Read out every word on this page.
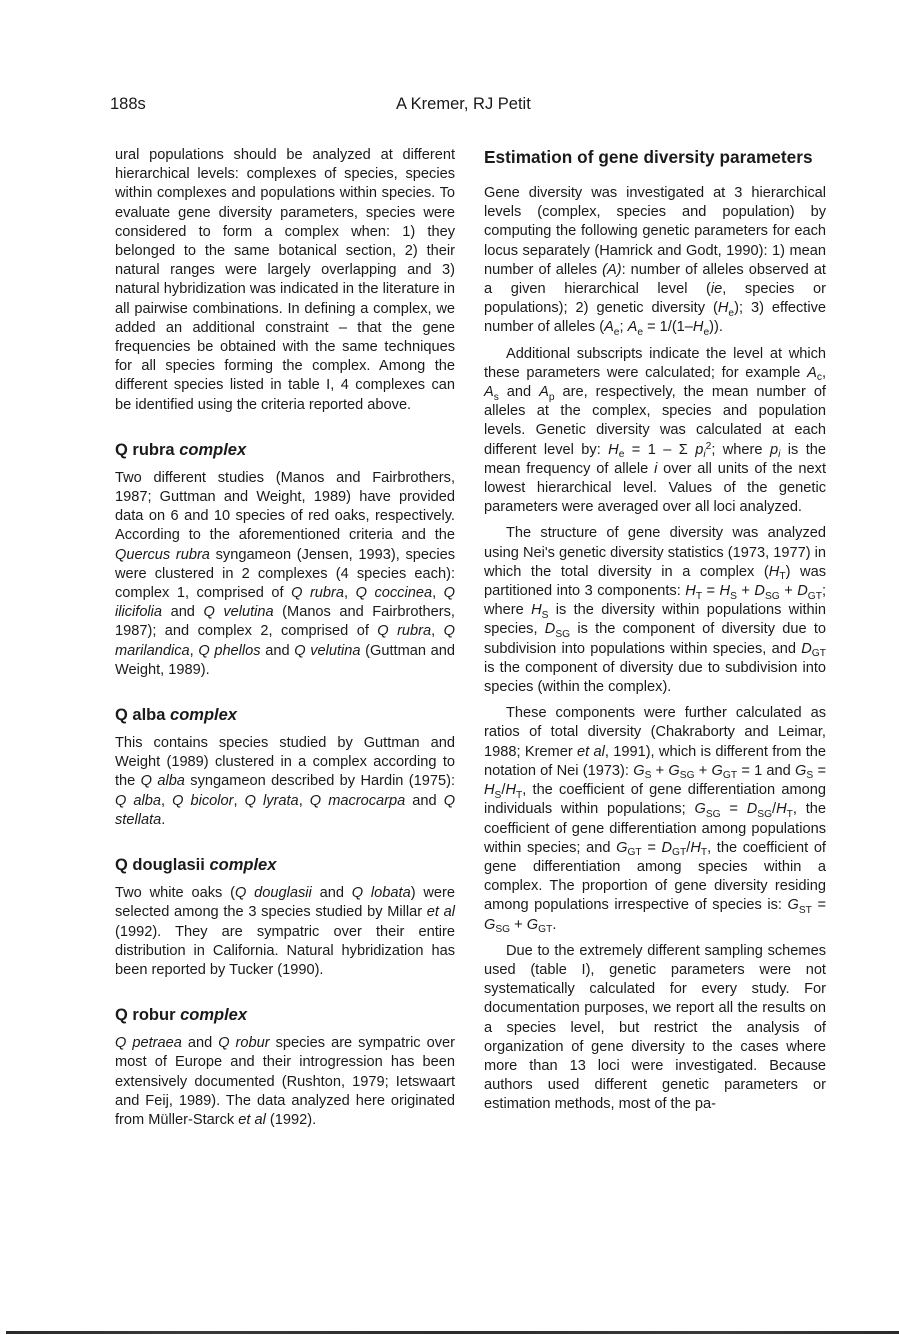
188s	A Kremer, RJ Petit

ural populations should be analyzed at different hierarchical levels: complexes of species, species within complexes and populations within species. To evaluate gene diversity parameters, species were considered to form a complex when: 1) they belonged to the same botanical section, 2) their natural ranges were largely overlapping and 3) natural hybridization was indicated in the literature in all pairwise combinations. In defining a complex, we added an additional constraint – that the gene frequencies be obtained with the same techniques for all species forming the complex. Among the different species listed in table I, 4 complexes can be identified using the criteria reported above.

Q rubra complex

Two different studies (Manos and Fairbrothers, 1987; Guttman and Weight, 1989) have provided data on 6 and 10 species of red oaks, respectively. According to the aforementioned criteria and the Quercus rubra syngameon (Jensen, 1993), species were clustered in 2 complexes (4 species each): complex 1, comprised of Q rubra, Q coccinea, Q ilicifolia and Q velutina (Manos and Fairbrothers, 1987); and complex 2, comprised of Q rubra, Q marilandica, Q phellos and Q velutina (Guttman and Weight, 1989).

Q alba complex

This contains species studied by Guttman and Weight (1989) clustered in a complex according to the Q alba syngameon described by Hardin (1975): Q alba, Q bicolor, Q lyrata, Q macrocarpa and Q stellata.

Q douglasii complex

Two white oaks (Q douglasii and Q lobata) were selected among the 3 species studied by Millar et al (1992). They are sympatric over their entire distribution in California. Natural hybridization has been reported by Tucker (1990).

Q robur complex

Q petraea and Q robur species are sympatric over most of Europe and their introgression has been extensively documented (Rushton, 1979; Ietswaart and Feij, 1989). The data analyzed here originated from Müller-Starck et al (1992).

Estimation of gene diversity parameters

Gene diversity was investigated at 3 hierarchical levels (complex, species and population) by computing the following genetic parameters for each locus separately (Hamrick and Godt, 1990): 1) mean number of alleles (A): number of alleles observed at a given hierarchical level (ie, species or populations); 2) genetic diversity $(H_e)$; 3) effective number of alleles ($A_e$; $A_e = 1/(1-H_e)$).

Additional subscripts indicate the level at which these parameters were calculated; for example $A_c$, $A_s$ and $A_p$ are, respectively, the mean number of alleles at the complex, species and population levels. Genetic diversity was calculated at each different level by: $H_e = 1 - \Sigma$ $p_i^2$; where $p_i$ is the mean frequency of allele i over all units of the next lowest hierarchical level. Values of the genetic parameters were averaged over all loci analyzed.

The structure of gene diversity was analyzed using Nei's genetic diversity statistics (1973, 1977) in which the total diversity in a complex $(H_T)$ was partitioned into 3 components: $H_T = H_S + D_{SG} + D_{GT}$; where $H_S$ is the diversity within populations within species, $D_{SG}$ is the component of diversity due to subdivision into populations within species, and $D_{GT}$ is the component of diversity due to subdivision into species (within the complex).

These components were further calculated as ratios of total diversity (Chakraborty and Leimar, 1988; Kremer et al, 1991), which is different from the notation of Nei (1973): $G_S + G_{SG} + G_{GT} = 1$ and $G_S = H_S/H_T$, the coefficient of gene differentiation among individuals within populations; $G_{SG} = D_{SG}/H_T$, the coefficient of gene differentiation among populations within species; and $G_{GT} = D_{GT}/H_T$, the coefficient of gene differentiation among species within a complex. The proportion of gene diversity residing among populations irrespective of species is: $G_{ST} = G_{SG} + G_{GT}$.

Due to the extremely different sampling schemes used (table I), genetic parameters were not systematically calculated for every study. For documentation purposes, we report all the results on a species level, but restrict the analysis of organization of gene diversity to the cases where more than 13 loci were investigated. Because authors used different genetic parameters or estimation methods, most of the pa-
